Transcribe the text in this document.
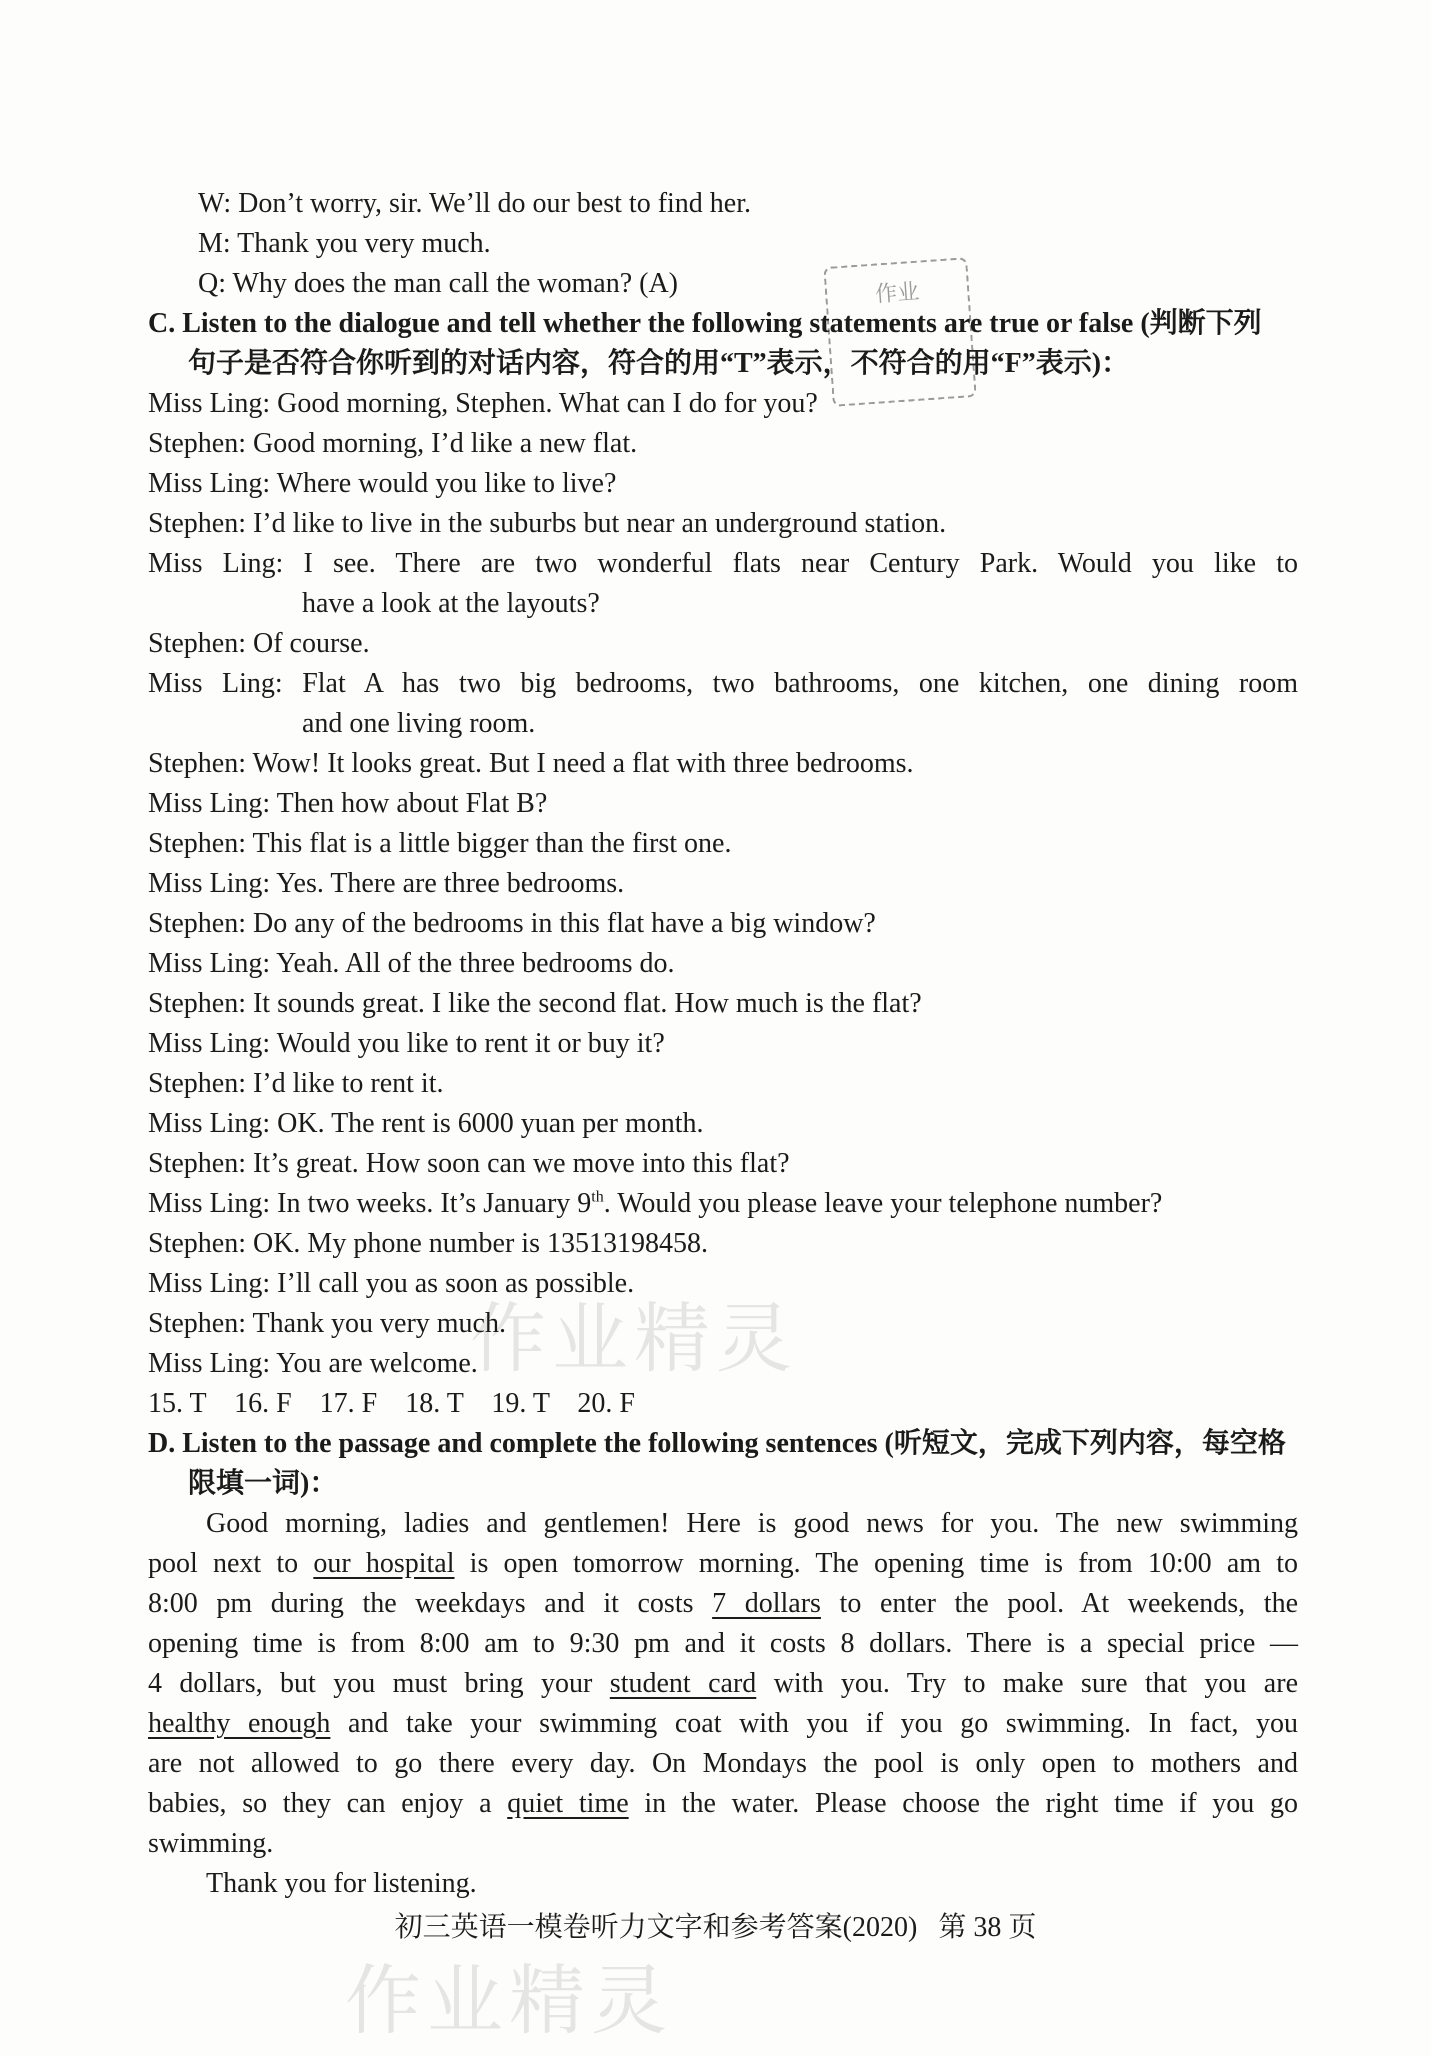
作业
作业精灵
作业精灵
W: Don’t worry, sir. We’ll do our best to find her.
M: Thank you very much.
Q: Why does the man call the woman? (A)
C. Listen to the dialogue and tell whether the following statements are true or false (判断下列
句子是否符合你听到的对话内容，符合的用“T”表示，不符合的用“F”表示)：
Miss Ling: Good morning, Stephen. What can I do for you?
Stephen: Good morning, I’d like a new flat.
Miss Ling: Where would you like to live?
Stephen: I’d like to live in the suburbs but near an underground station.
Miss Ling: I see. There are two wonderful flats near Century Park. Would you like to
have a look at the layouts?
Stephen: Of course.
Miss Ling: Flat A has two big bedrooms, two bathrooms, one kitchen, one dining room
and one living room.
Stephen: Wow! It looks great. But I need a flat with three bedrooms.
Miss Ling: Then how about Flat B?
Stephen: This flat is a little bigger than the first one.
Miss Ling: Yes. There are three bedrooms.
Stephen: Do any of the bedrooms in this flat have a big window?
Miss Ling: Yeah. All of the three bedrooms do.
Stephen: It sounds great. I like the second flat. How much is the flat?
Miss Ling: Would you like to rent it or buy it?
Stephen: I’d like to rent it.
Miss Ling: OK. The rent is 6000 yuan per month.
Stephen: It’s great. How soon can we move into this flat?
Miss Ling: In two weeks. It’s January 9th. Would you please leave your telephone number?
Stephen: OK. My phone number is 13513198458.
Miss Ling: I’ll call you as soon as possible.
Stephen: Thank you very much.
Miss Ling: You are welcome.
15. T    16. F    17. F    18. T    19. T    20. F
D. Listen to the passage and complete the following sentences (听短文，完成下列内容，每空格
限填一词)：
Good morning, ladies and gentlemen! Here is good news for you. The new swimming
pool next to our hospital is open tomorrow morning. The opening time is from 10:00 am to
8:00 pm during the weekdays and it costs 7 dollars to enter the pool. At weekends, the
opening time is from 8:00 am to 9:30 pm and it costs 8 dollars. There is a special price —
4 dollars, but you must bring your student card with you. Try to make sure that you are
healthy enough and take your swimming coat with you if you go swimming. In fact, you
are not allowed to go there every day. On Mondays the pool is only open to mothers and
babies, so they can enjoy a quiet time in the water. Please choose the right time if you go
swimming.
Thank you for listening.
初三英语一模卷听力文字和参考答案(2020)   第 38 页
